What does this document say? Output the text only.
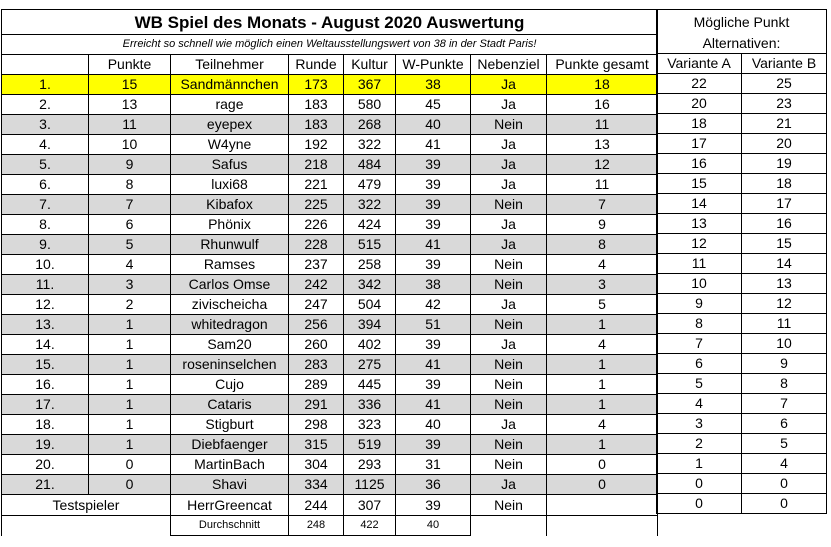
WB Spiel des Monats - August 2020 Auswertung							
Erreicht so schnell wie möglich einen Weltausstellungswert von 38 in der Stadt Paris!							
	Punkte	Teilnehmer	Runde	Kultur	W-Punkte	Nebenziel	Punkte gesamt
1.	15	Sandmännchen	173	367	38	Ja	18
2.	13	rage	183	580	45	Ja	16
3.	11	eyepex	183	268	40	Nein	11
4.	10	W4yne	192	322	41	Ja	13
5.	9	Safus	218	484	39	Ja	12
6.	8	luxi68	221	479	39	Ja	11
7.	7	Kibafox	225	322	39	Nein	7
8.	6	Phönix	226	424	39	Ja	9
9.	5	Rhunwulf	228	515	41	Ja	8
10.	4	Ramses	237	258	39	Nein	4
11.	3	Carlos Omse	242	342	38	Nein	3
12.	2	zivischeicha	247	504	42	Ja	5
13.	1	whitedragon	256	394	51	Nein	1
14.	1	Sam20	260	402	39	Ja	4
15.	1	roseninselchen	283	275	41	Nein	1
16.	1	Cujo	289	445	39	Nein	1
17.	1	Cataris	291	336	41	Nein	1
18.	1	Stigburt	298	323	40	Ja	4
19.	1	Diebfaenger	315	519	39	Nein	1
20.	0	MartinBach	304	293	31	Nein	0
21.	0	Shavi	334	1125	36	Ja	0
Testspieler		HerrGreencat	244	307	39	Nein	
		Durchschnitt	248	422	40		
Mögliche Punkt	
Alternativen:	
Variante A	Variante B
22	25
20	23
18	21
17	20
16	19
15	18
14	17
13	16
12	15
11	14
10	13
9	12
8	11
7	10
6	9
5	8
4	7
3	6
2	5
1	4
0	0
0	0
